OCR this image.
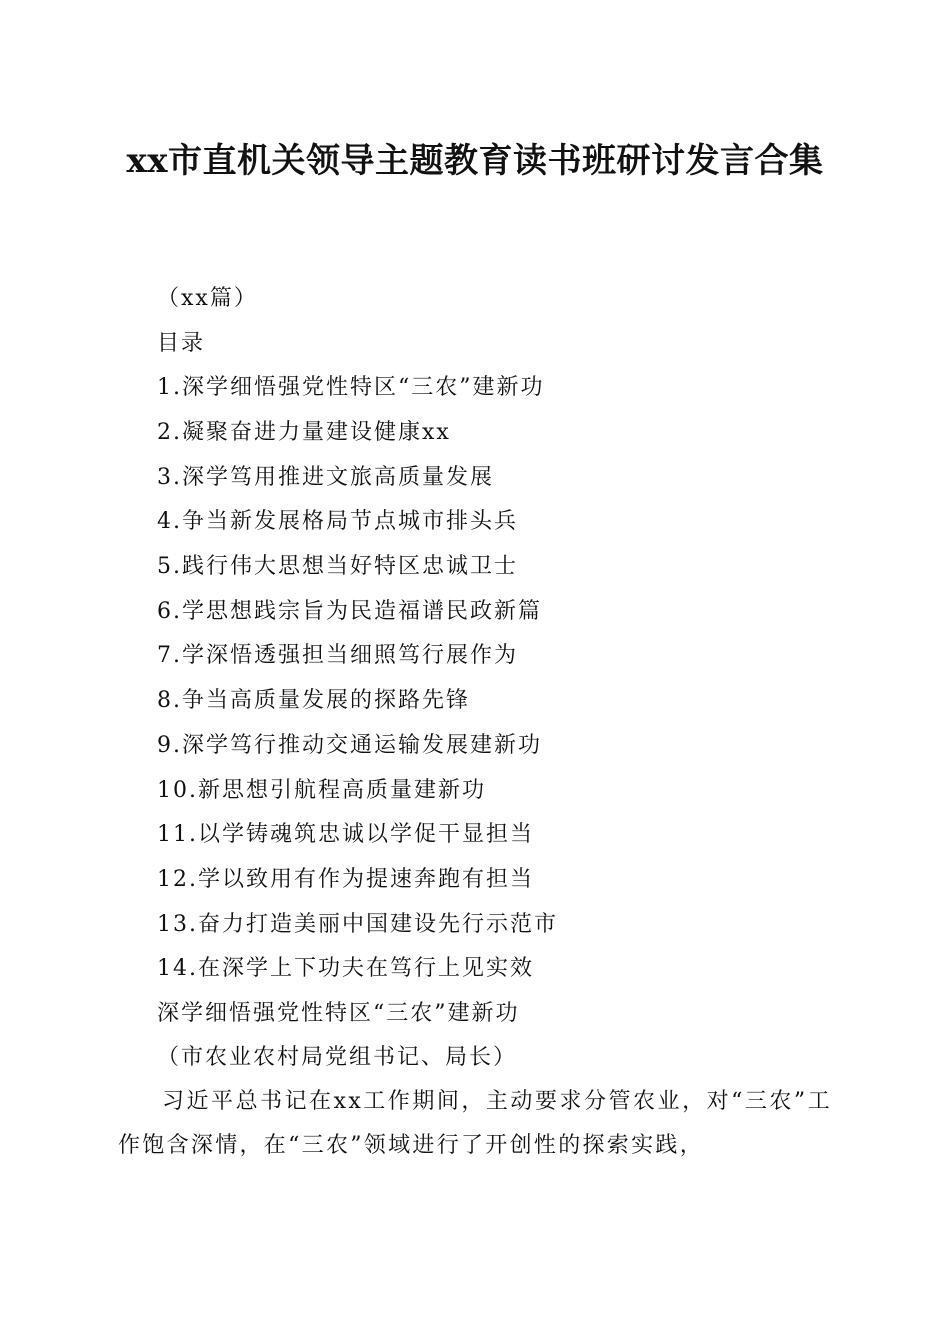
xx市直机关领导主题教育读书班研讨发言合集

（xx篇）

目录

1.深学细悟强党性特区“三农”建新功

2.凝聚奋进力量建设健康xx

3.深学笃用推进文旅高质量发展

4.争当新发展格局节点城市排头兵

5.践行伟大思想当好特区忠诚卫士

6.学思想践宗旨为民造福谱民政新篇

7.学深悟透强担当细照笃行展作为

8.争当高质量发展的探路先锋

9.深学笃行推动交通运输发展建新功

10.新思想引航程高质量建新功

11.以学铸魂筑忠诚以学促干显担当

12.学以致用有作为提速奔跑有担当

13.奋力打造美丽中国建设先行示范市

14.在深学上下功夫在笃行上见实效

深学细悟强党性特区“三农”建新功

（市农业农村局党组书记、局长）

习近平总书记在xx工作期间，主动要求分管农业，对“三农”工作饱含深情，在“三农”领域进行了开创性的探索实践，
